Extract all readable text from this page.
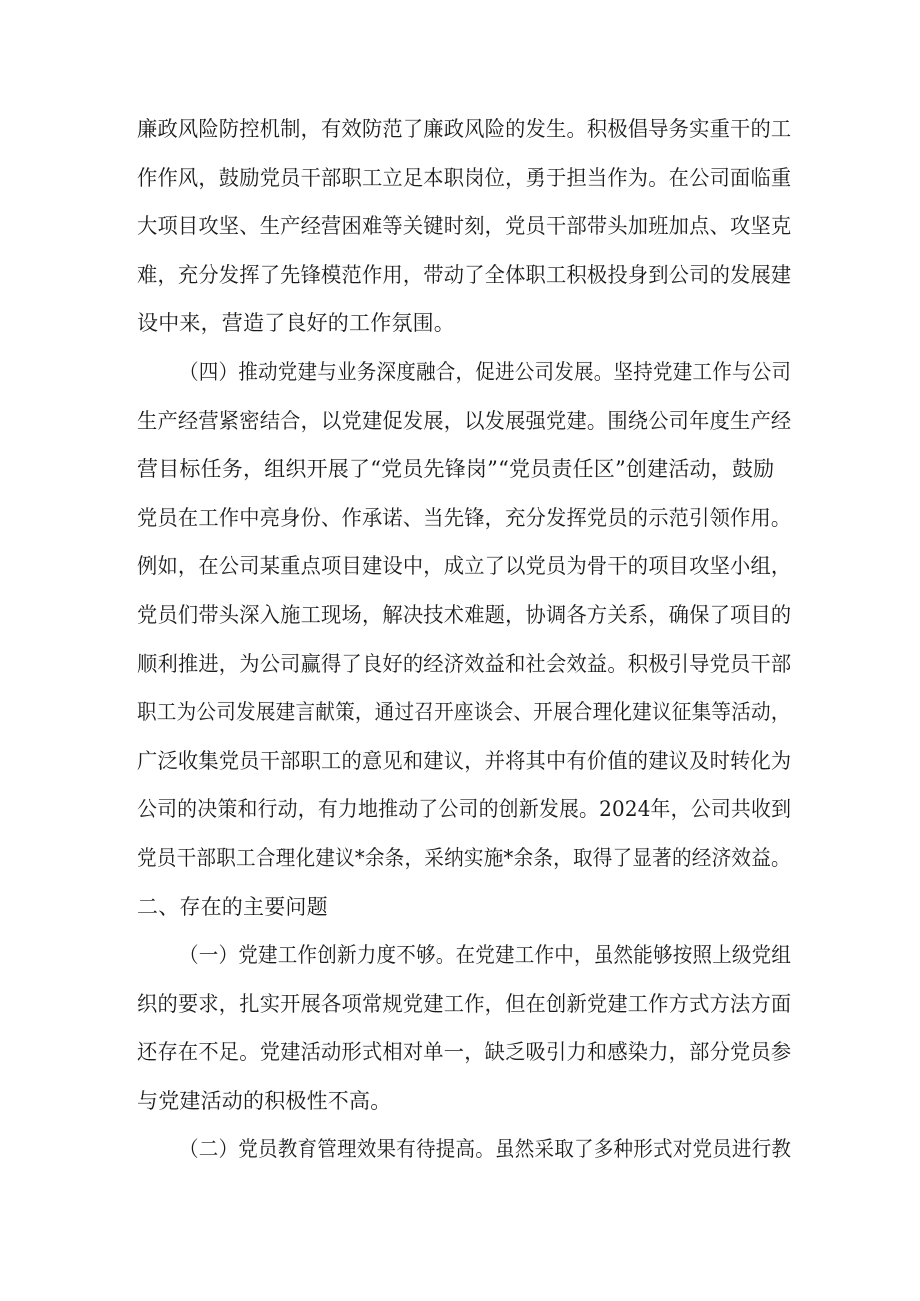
廉政风险防控机制，有效防范了廉政风险的发生。积极倡导务实重干的工
作作风，鼓励党员干部职工立足本职岗位，勇于担当作为。在公司面临重
大项目攻坚、生产经营困难等关键时刻，党员干部带头加班加点、攻坚克
难，充分发挥了先锋模范作用，带动了全体职工积极投身到公司的发展建
设中来，营造了良好的工作氛围。
（四）推动党建与业务深度融合，促进公司发展。坚持党建工作与公司
生产经营紧密结合，以党建促发展，以发展强党建。围绕公司年度生产经
营目标任务，组织开展了“党员先锋岗”“党员责任区”创建活动，鼓励
党员在工作中亮身份、作承诺、当先锋，充分发挥党员的示范引领作用。
例如，在公司某重点项目建设中，成立了以党员为骨干的项目攻坚小组，
党员们带头深入施工现场，解决技术难题，协调各方关系，确保了项目的
顺利推进，为公司赢得了良好的经济效益和社会效益。积极引导党员干部
职工为公司发展建言献策，通过召开座谈会、开展合理化建议征集等活动，
广泛收集党员干部职工的意见和建议，并将其中有价值的建议及时转化为
公司的决策和行动，有力地推动了公司的创新发展。2024年，公司共收到
党员干部职工合理化建议*余条，采纳实施*余条，取得了显著的经济效益。
二、存在的主要问题
（一）党建工作创新力度不够。在党建工作中，虽然能够按照上级党组
织的要求，扎实开展各项常规党建工作，但在创新党建工作方式方法方面
还存在不足。党建活动形式相对单一，缺乏吸引力和感染力，部分党员参
与党建活动的积极性不高。
（二）党员教育管理效果有待提高。虽然采取了多种形式对党员进行教
